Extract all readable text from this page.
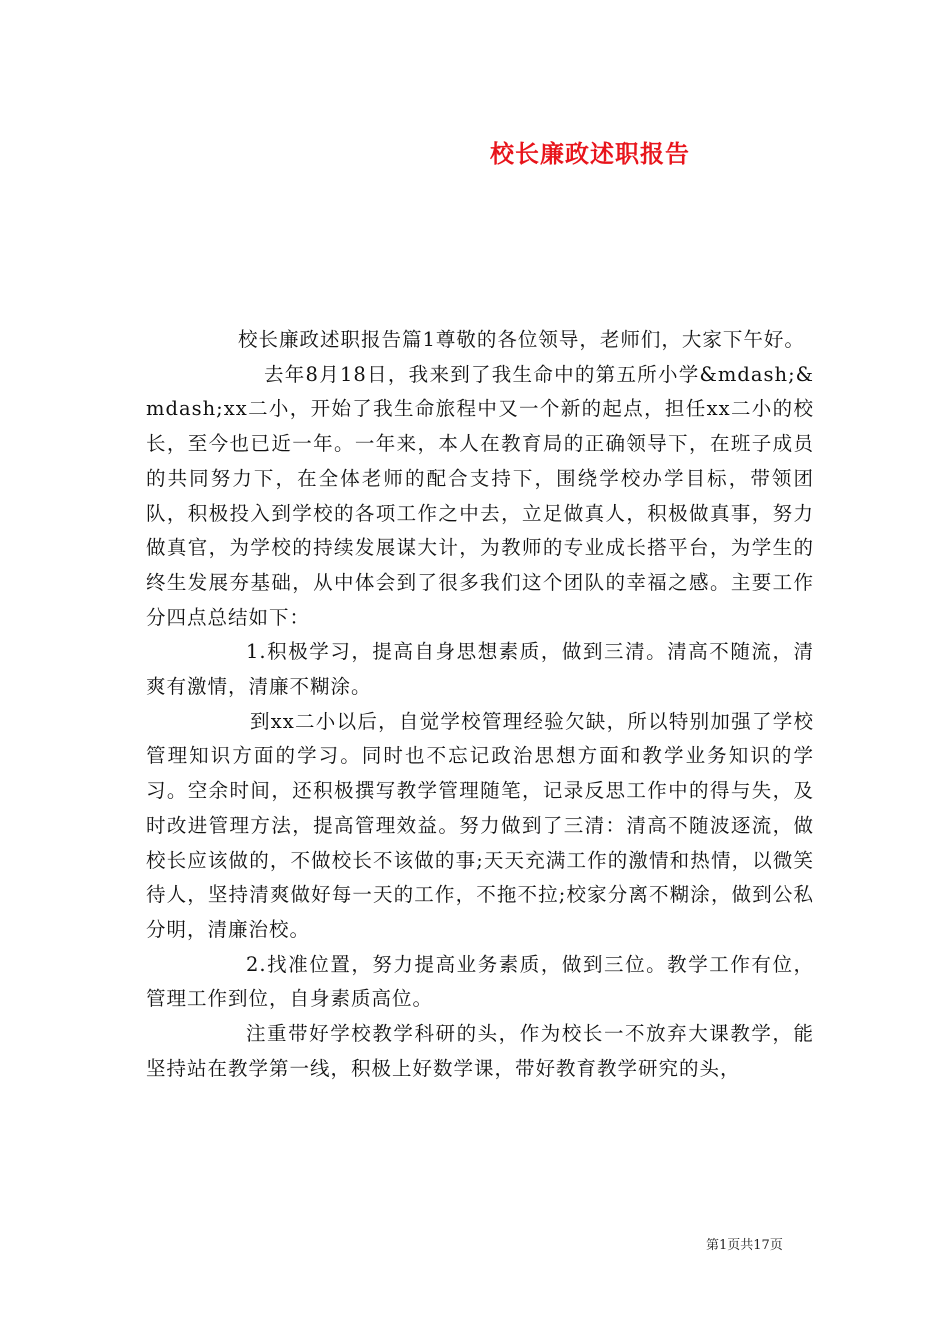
校长廉政述职报告

校长廉政述职报告篇1尊敬的各位领导，老师们，大家下午好。

去年8月18日，我来到了我生命中的第五所小学&mdash;&mdash;xx二小，开始了我生命旅程中又一个新的起点，担任xx二小的校长，至今也已近一年。一年来，本人在教育局的正确领导下，在班子成员的共同努力下，在全体老师的配合支持下，围绕学校办学目标，带领团队，积极投入到学校的各项工作之中去，立足做真人，积极做真事，努力做真官，为学校的持续发展谋大计，为教师的专业成长搭平台，为学生的终生发展夯基础，从中体会到了很多我们这个团队的幸福之感。主要工作分四点总结如下：

1.积极学习，提高自身思想素质，做到三清。清高不随流，清爽有激情，清廉不糊涂。

到xx二小以后，自觉学校管理经验欠缺，所以特别加强了学校管理知识方面的学习。同时也不忘记政治思想方面和教学业务知识的学习。空余时间，还积极撰写教学管理随笔，记录反思工作中的得与失，及时改进管理方法，提高管理效益。努力做到了三清：清高不随波逐流，做校长应该做的，不做校长不该做的事;天天充满工作的激情和热情，以微笑待人，坚持清爽做好每一天的工作，不拖不拉;校家分离不糊涂，做到公私分明，清廉治校。

2.找准位置，努力提高业务素质，做到三位。教学工作有位，管理工作到位，自身素质高位。

注重带好学校教学科研的头，作为校长一不放弃大课教学，能坚持站在教学第一线，积极上好数学课，带好教育教学研究的头，

第1页共17页
